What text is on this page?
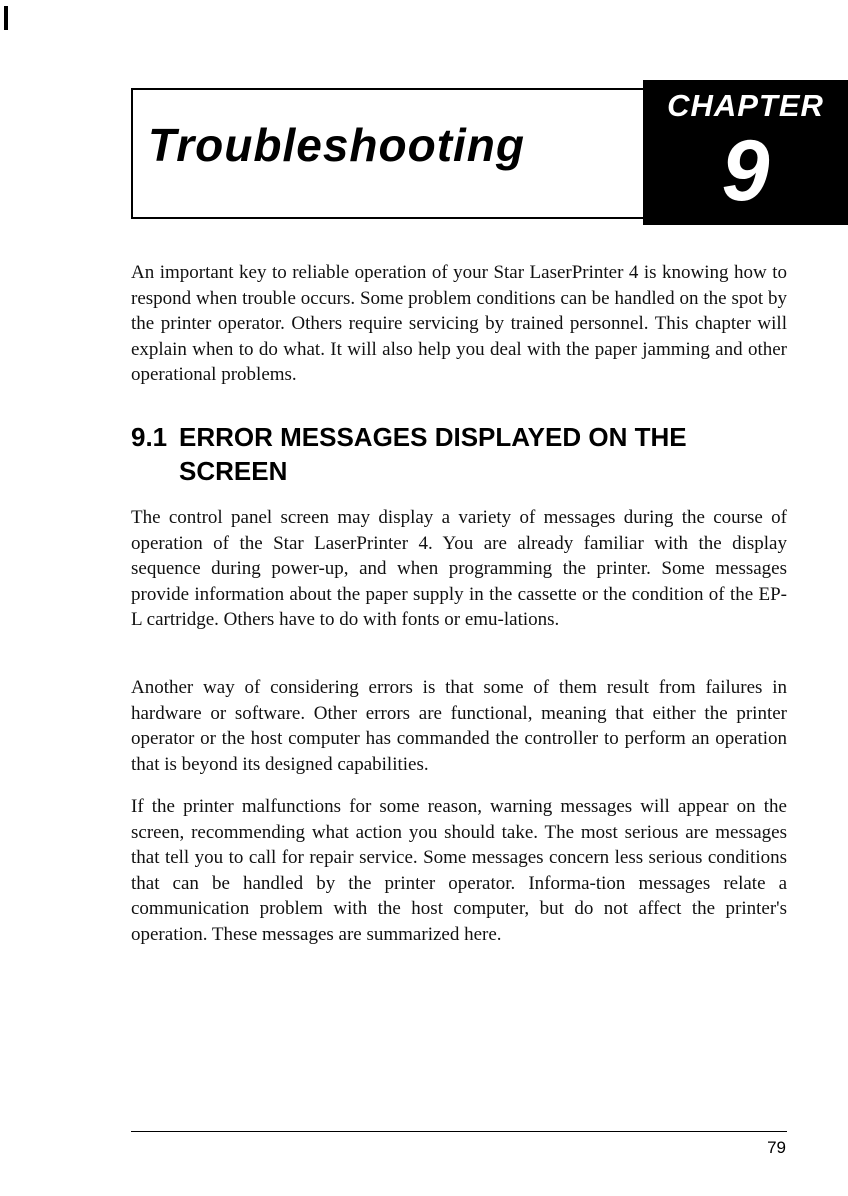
Troubleshooting
CHAPTER
9

An important key to reliable operation of your Star LaserPrinter 4 is knowing how to respond when trouble occurs. Some problem conditions can be handled on the spot by the printer operator. Others require servicing by trained personnel. This chapter will explain when to do what. It will also help you deal with the paper jamming and other operational problems.

9.1 ERROR MESSAGES DISPLAYED ON THE
SCREEN

The control panel screen may display a variety of messages during the course of operation of the Star LaserPrinter 4. You are already familiar with the display sequence during power-up, and when programming the printer. Some messages provide information about the paper supply in the cassette or the condition of the EP-L cartridge. Others have to do with fonts or emu-lations.

Another way of considering errors is that some of them result from failures in hardware or software. Other errors are functional, meaning that either the printer operator or the host computer has commanded the controller to perform an operation that is beyond its designed capabilities.

If the printer malfunctions for some reason, warning messages will appear on the screen, recommending what action you should take. The most serious are messages that tell you to call for repair service. Some messages concern less serious conditions that can be handled by the printer operator. Informa-tion messages relate a communication problem with the host computer, but do not affect the printer's operation. These messages are summarized here.

79
